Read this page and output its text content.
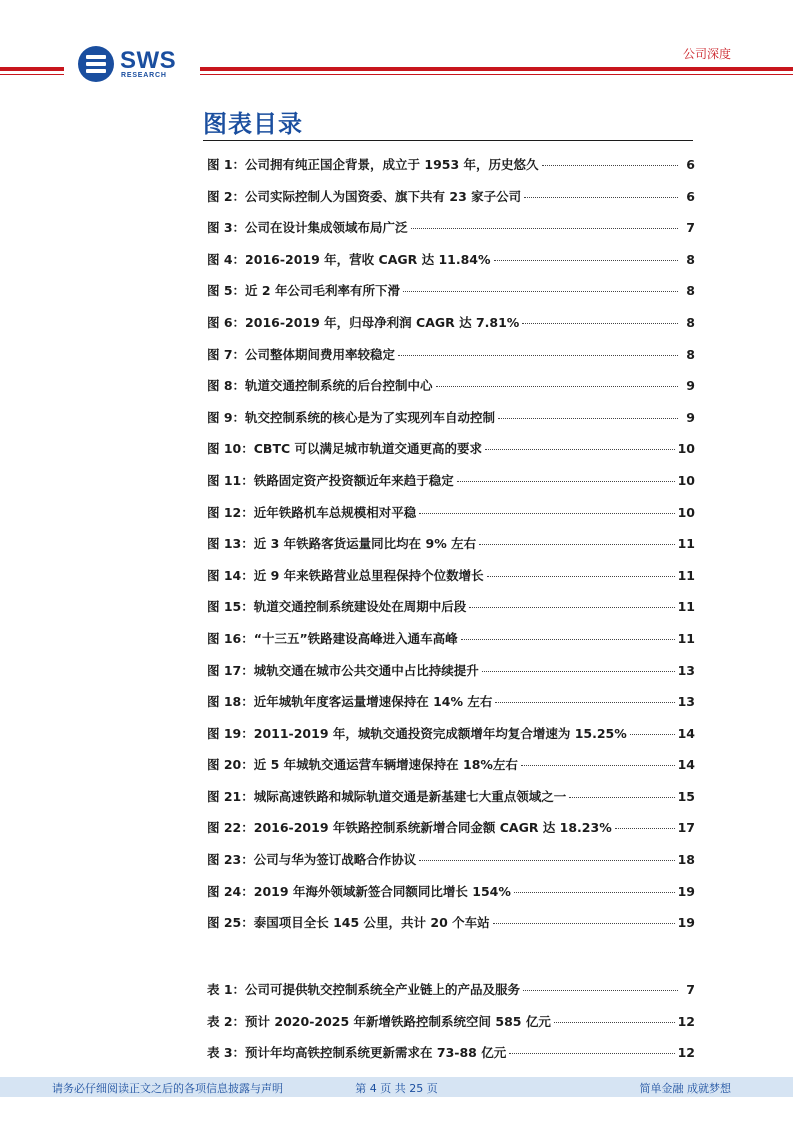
SWS
RESEARCH
公司深度
图表目录
图 1：公司拥有纯正国企背景，成立于 1953 年，历史悠久	6
图 2：公司实际控制人为国资委、旗下共有 23 家子公司	6
图 3：公司在设计集成领域布局广泛	7
图 4：2016-2019 年，营收 CAGR 达 11.84%	8
图 5：近 2 年公司毛利率有所下滑	8
图 6：2016-2019 年，归母净利润 CAGR 达 7.81%	8
图 7：公司整体期间费用率较稳定	8
图 8：轨道交通控制系统的后台控制中心	9
图 9：轨交控制系统的核心是为了实现列车自动控制	9
图 10：CBTC 可以满足城市轨道交通更高的要求	10
图 11：铁路固定资产投资额近年来趋于稳定	10
图 12：近年铁路机车总规模相对平稳	10
图 13：近 3 年铁路客货运量同比均在 9% 左右	11
图 14：近 9 年来铁路营业总里程保持个位数增长	11
图 15：轨道交通控制系统建设处在周期中后段	11
图 16：“十三五”铁路建设高峰进入通车高峰	11
图 17：城轨交通在城市公共交通中占比持续提升	13
图 18：近年城轨年度客运量增速保持在 14% 左右	13
图 19：2011-2019 年，城轨交通投资完成额增年均复合增速为 15.25%	14
图 20：近 5 年城轨交通运营车辆增速保持在 18%左右	14
图 21：城际高速铁路和城际轨道交通是新基建七大重点领域之一	15
图 22：2016-2019 年铁路控制系统新增合同金额 CAGR 达 18.23%	17
图 23：公司与华为签订战略合作协议	18
图 24：2019 年海外领域新签合同额同比增长 154%	19
图 25：泰国项目全长 145 公里，共计 20 个车站	19
表 1：公司可提供轨交控制系统全产业链上的产品及服务	7
表 2：预计 2020-2025 年新增铁路控制系统空间 585 亿元	12
表 3：预计年均高铁控制系统更新需求在 73-88 亿元	12
请务必仔细阅读正文之后的各项信息披露与声明	第 4 页 共 25 页	简单金融 成就梦想
